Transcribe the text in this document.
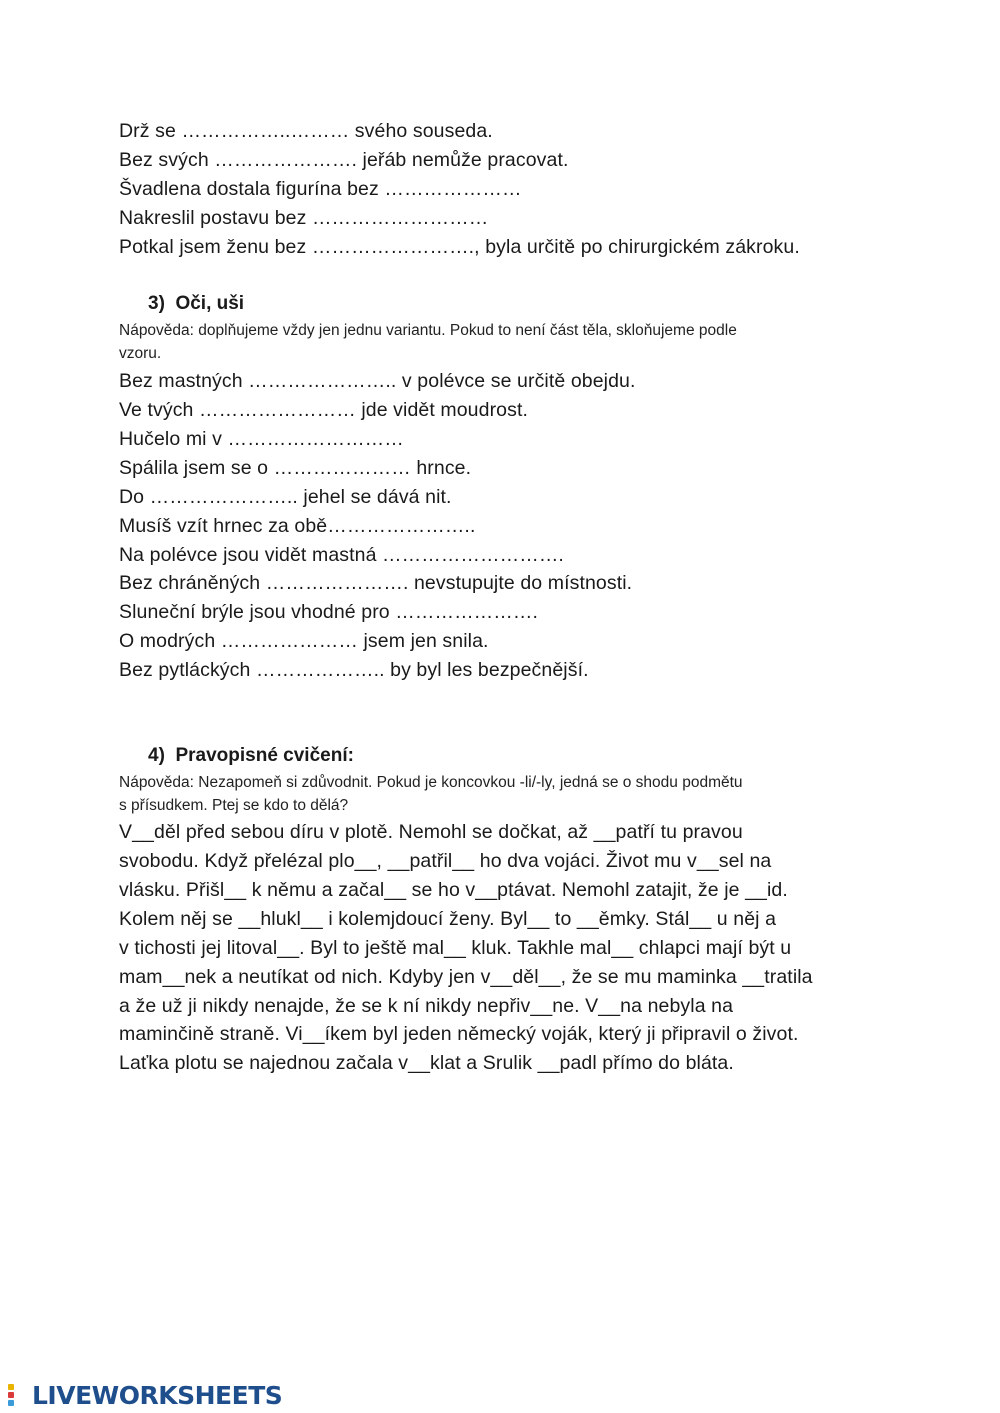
Drž se ……………..……… svého souseda.
Bez svých …………………. jeřáb nemůže pracovat.
Švadlena dostala figurína bez …………………
Nakreslil postavu bez ………………………
Potkal jsem ženu bez ……………………., byla určitě po chirurgickém zákroku.
3)  Oči, uši
Nápověda: doplňujeme vždy jen jednu variantu. Pokud to není část těla, skloňujeme podle
vzoru.
Bez mastných ………………….. v polévce se určitě obejdu.
Ve tvých …………………… jde vidět moudrost.
Hučelo mi v ………………………
Spálila jsem se o ………………… hrnce.
Do ………………….. jehel se dává nit.
Musíš vzít hrnec za obě…………………..
Na polévce jsou vidět mastná ……………………….
Bez chráněných …………………. nevstupujte do místnosti.
Sluneční brýle jsou vhodné pro ………………….
O modrých ………………… jsem jen snila.
Bez pytláckých ……………….. by byl les bezpečnější.
4)  Pravopisné cvičení:
Nápověda: Nezapomeň si zdůvodnit. Pokud je koncovkou -li/-ly, jedná se o shodu podmětu
s přísudkem. Ptej se kdo to dělá?
V__děl před sebou díru v plotě. Nemohl se dočkat, až __patří tu pravou
svobodu. Když přelézal plo__, __patřil__ ho dva vojáci. Život mu v__sel na
vlásku. Přišl__ k němu a začal__ se ho v__ptávat. Nemohl zatajit, že je __id.
Kolem něj se __hlukl__ i kolemjdoucí ženy. Byl__ to __ěmky. Stál__ u něj a
v tichosti jej litoval__. Byl to ještě mal__ kluk. Takhle mal__ chlapci mají být u
mam__nek a neutíkat od nich. Kdyby jen v__děl__, že se mu maminka __tratila
a že už ji nikdy nenajde, že se k ní nikdy nepřiv__ne. V__na nebyla na
maminčině straně. Vi__íkem byl jeden německý voják, který ji připravil o život.
Laťka plotu se najednou začala v__klat a Srulik __padl přímo do bláta.
LIVEWORKSHEETS
